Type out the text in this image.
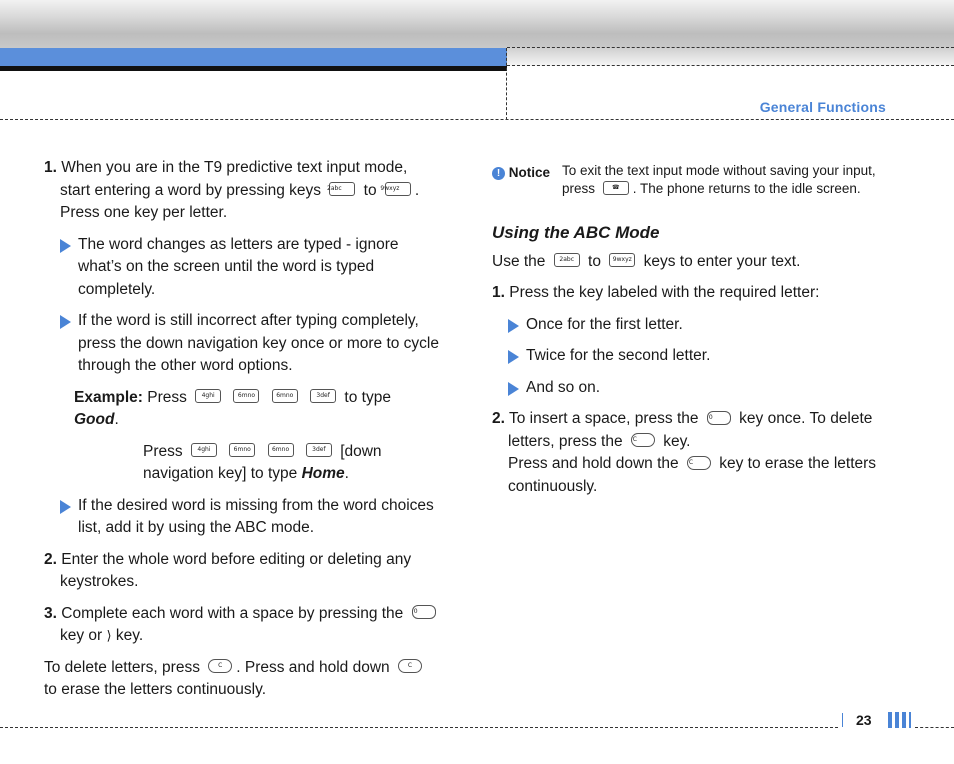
General Functions

1. When you are in the T9 predictive text input mode, start entering a word by pressing keys 2abc to 9wxyz . Press one key per letter.

The word changes as letters are typed - ignore what’s on the screen until the word is typed completely.

If the word is still incorrect after typing completely, press the down navigation key once or more to cycle through the other word options.

Example: Press 4ghi	6mno	6mno	3def to type Good.

Press 4ghi	6mno	6mno	3def [down navigation key] to type Home.

If the desired word is missing from the word choices list, add it by using the ABC mode.

2. Enter the whole word before editing or deleting any keystrokes.

3. Complete each word with a space by pressing the 0 key or ⟩ key.

To delete letters, press	C . Press and hold down	C to erase the letters continuously.

! Notice To exit the text input mode without saving your input, press	☎ . The phone returns to the idle screen.

Using the ABC Mode

Use the 2abc to 9wxyz keys to enter your text.

1. Press the key labeled with the required letter:

Once for the first letter.

Twice for the second letter.

And so on.

2. To insert a space, press the 0 key once. To delete letters, press the C key.
Press and hold down the C key to erase the letters continuously.

23
